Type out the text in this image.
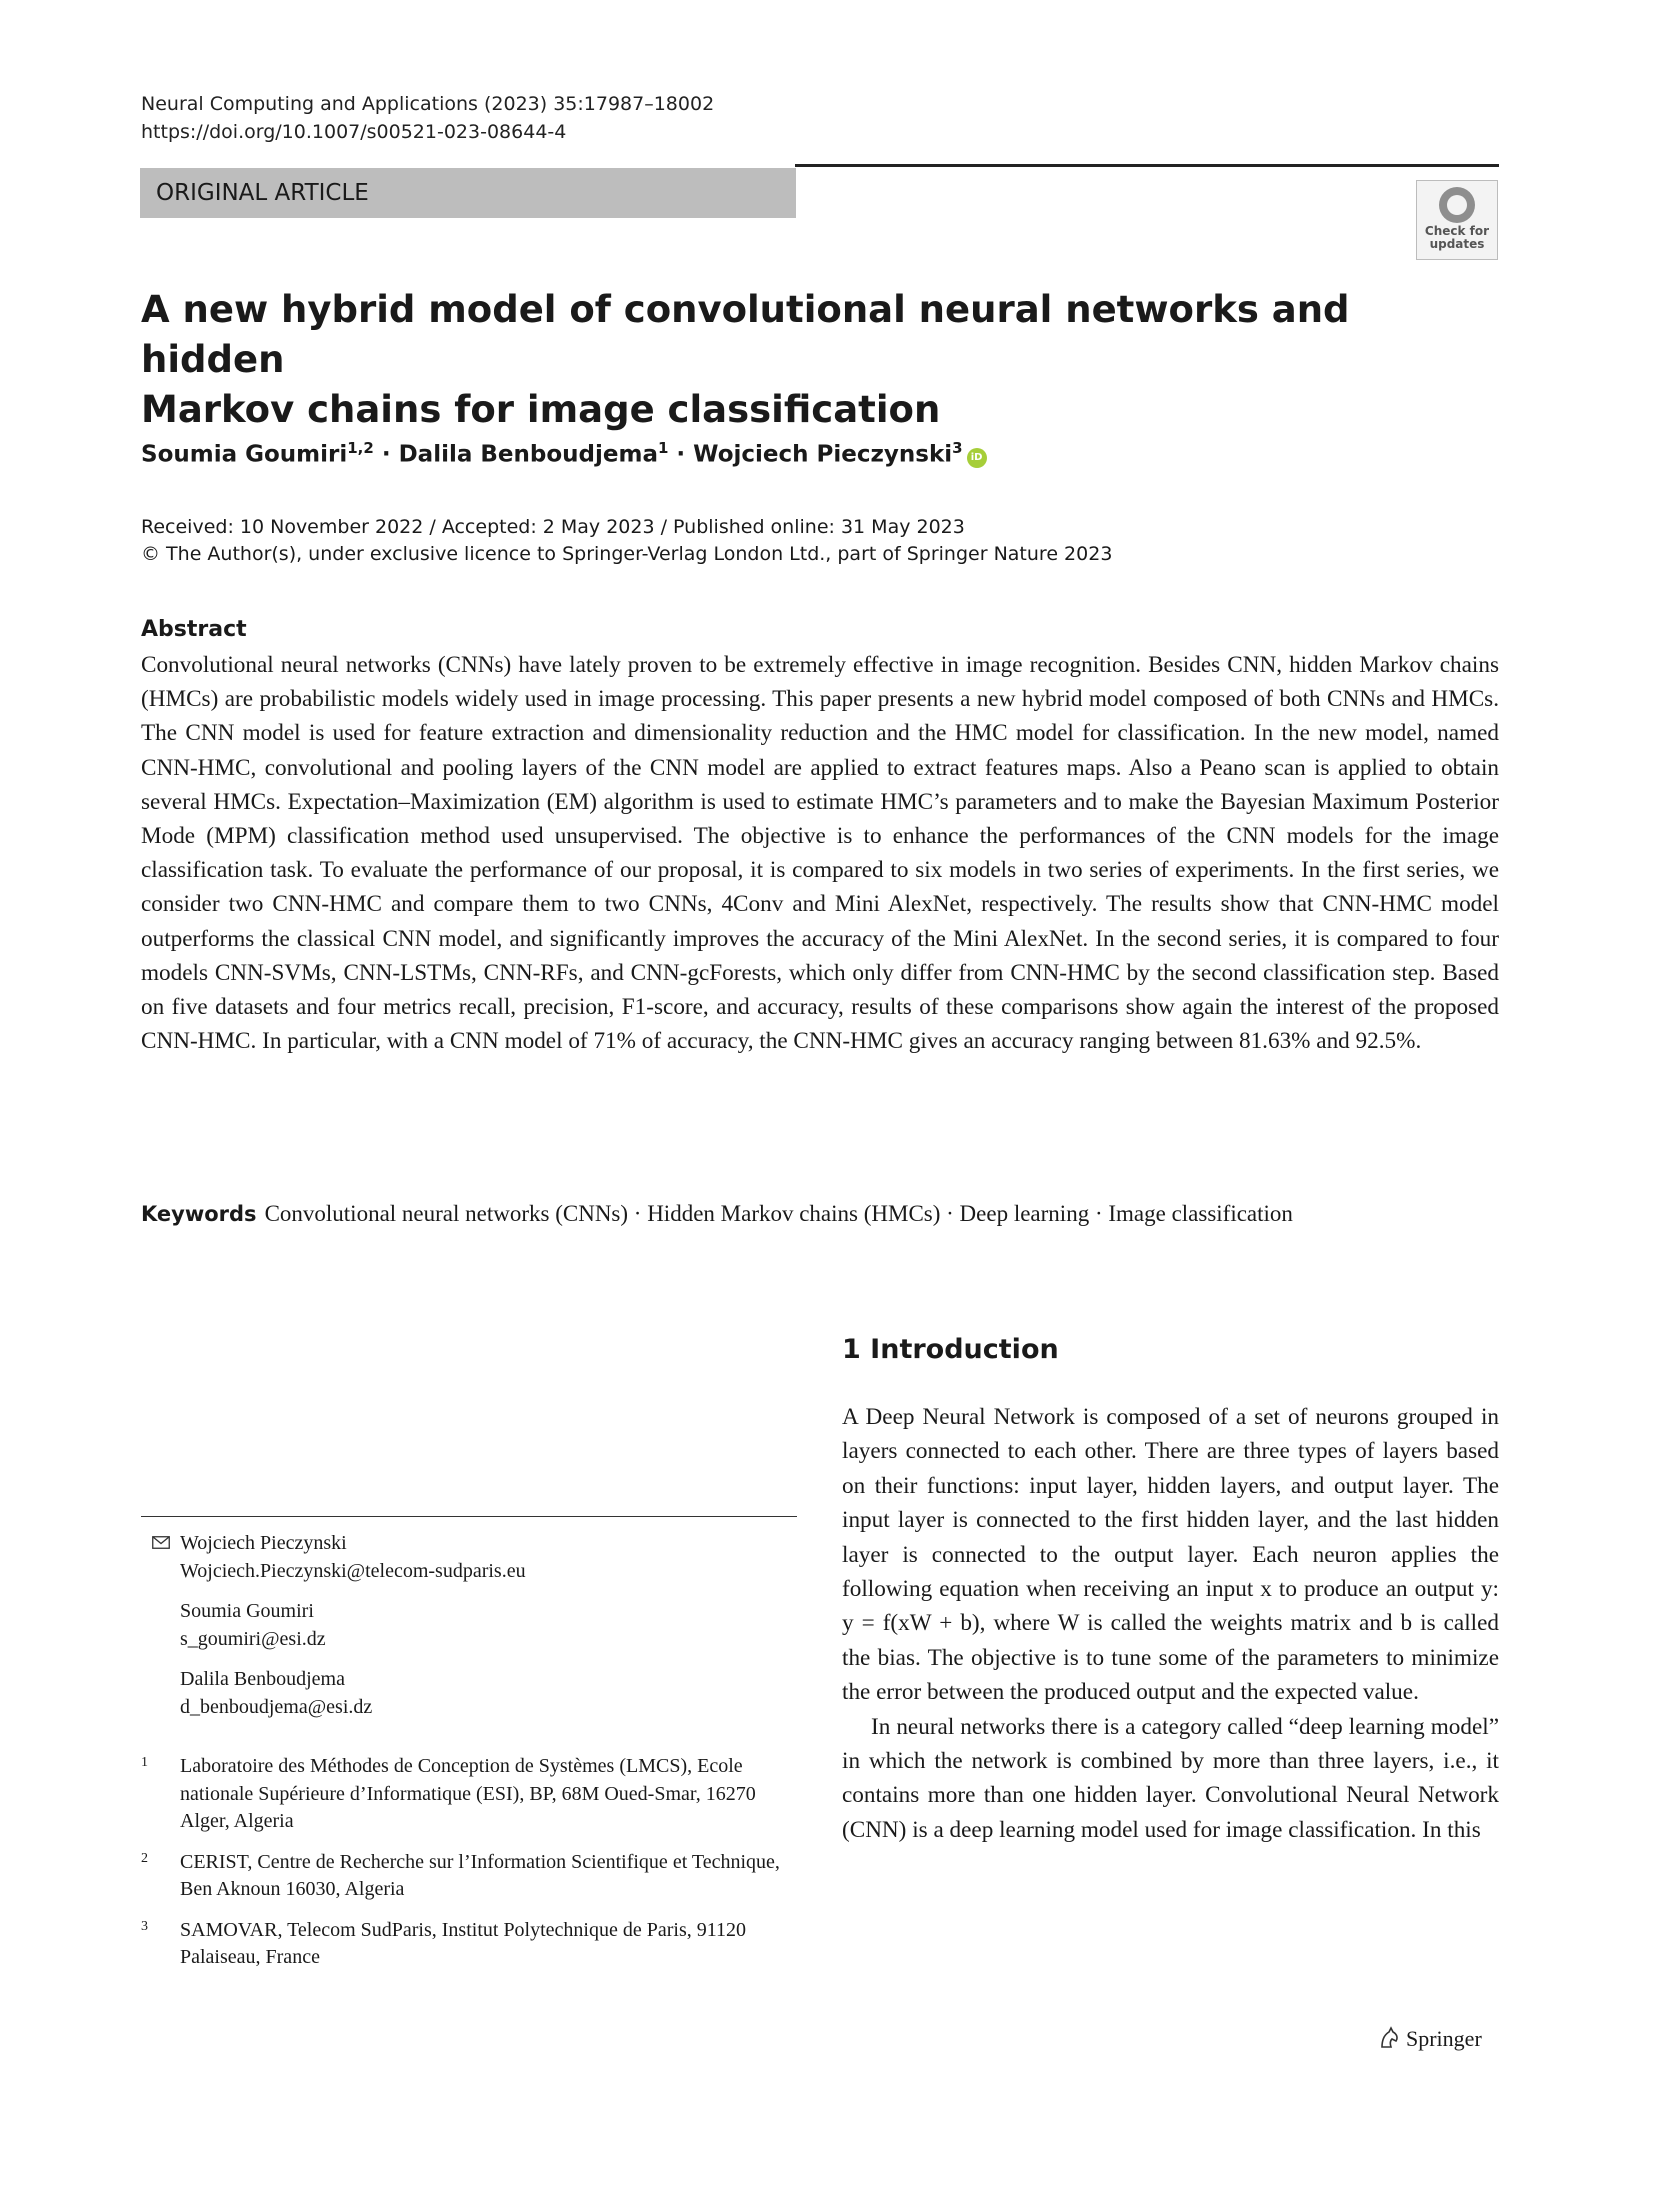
Neural Computing and Applications (2023) 35:17987–18002
https://doi.org/10.1007/s00521-023-08644-4
ORIGINAL ARTICLE
Check for
updates
A new hybrid model of convolutional neural networks and hidden
Markov chains for image classification
Soumia Goumiri$^{1,2}$ · Dalila Benboudjema$^1$ · Wojciech Pieczynski$^3$iD
Received: 10 November 2022 / Accepted: 2 May 2023 / Published online: 31 May 2023
© The Author(s), under exclusive licence to Springer-Verlag London Ltd., part of Springer Nature 2023
Abstract
Convolutional neural networks (CNNs) have lately proven to be extremely effective in image recognition. Besides CNN, hidden Markov chains (HMCs) are probabilistic models widely used in image processing. This paper presents a new hybrid model composed of both CNNs and HMCs. The CNN model is used for feature extraction and dimensionality reduction and the HMC model for classification. In the new model, named CNN-HMC, convolutional and pooling layers of the CNN model are applied to extract features maps. Also a Peano scan is applied to obtain several HMCs. Expectation–Maximization (EM) algorithm is used to estimate HMC’s parameters and to make the Bayesian Maximum Posterior Mode (MPM) classification method used unsupervised. The objective is to enhance the performances of the CNN models for the image classification task. To evaluate the performance of our proposal, it is compared to six models in two series of experiments. In the first series, we consider two CNN-HMC and compare them to two CNNs, 4Conv and Mini AlexNet, respectively. The results show that CNN-HMC model outperforms the classical CNN model, and significantly improves the accuracy of the Mini AlexNet. In the second series, it is compared to four models CNN-SVMs, CNN-LSTMs, CNN-RFs, and CNN-gcForests, which only differ from CNN-HMC by the second classification step. Based on five datasets and four metrics recall, precision, F1-score, and accuracy, results of these comparisons show again the interest of the proposed CNN-HMC. In particular, with a CNN model of 71% of accuracy, the CNN-HMC gives an accuracy ranging between 81.63% and 92.5%.
Keywords Convolutional neural networks (CNNs) · Hidden Markov chains (HMCs) · Deep learning · Image classification
1 Introduction

A Deep Neural Network is composed of a set of neurons grouped in layers connected to each other. There are three types of layers based on their functions: input layer, hidden layers, and output layer. The input layer is connected to the first hidden layer, and the last hidden layer is connected to the output layer. Each neuron applies the following equation when receiving an input x to produce an output y: y = f(xW + b), where W is called the weights matrix and b is called the bias. The objective is to tune some of the parameters to minimize the error between the produced output and the expected value.

In neural networks there is a category called “deep learning model” in which the network is combined by more than three layers, i.e., it contains more than one hidden layer. Convolutional Neural Network (CNN) is a deep learning model used for image classification. In this

Wojciech Pieczynski
Wojciech.Pieczynski@telecom-sudparis.eu
Soumia Goumiri
s_goumiri@esi.dz
Dalila Benboudjema
d_benboudjema@esi.dz
1 Laboratoire des Méthodes de Conception de Systèmes (LMCS), Ecole nationale Supérieure d’Informatique (ESI), BP, 68M Oued-Smar, 16270 Alger, Algeria
2 CERIST, Centre de Recherche sur l’Information Scientifique et Technique, Ben Aknoun 16030, Algeria
3 SAMOVAR, Telecom SudParis, Institut Polytechnique de Paris, 91120 Palaiseau, France
Springer
